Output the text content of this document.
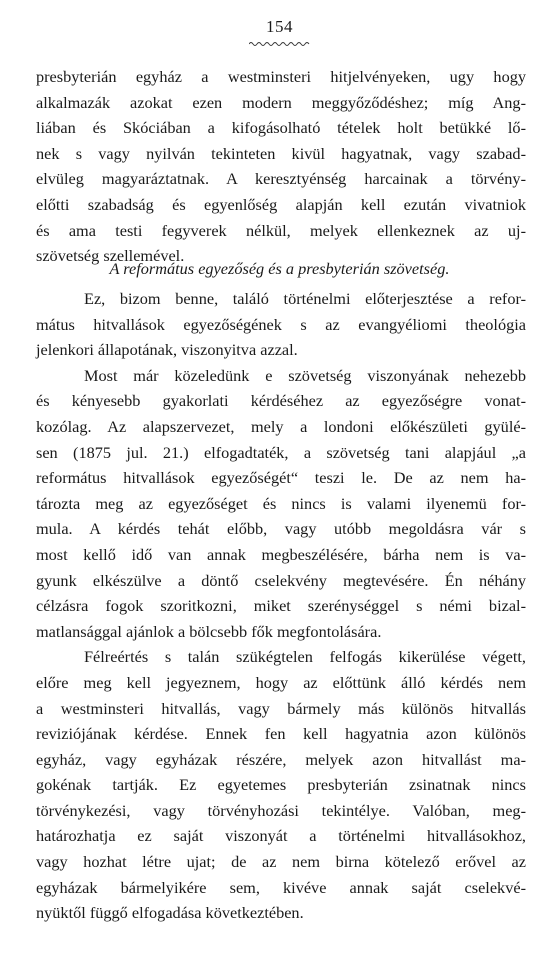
154
presbyterián egyház a westminsteri hitjelvényeken, ugy hogy
alkalmazák azokat ezen modern meggyőződéshez; míg Ang-
liában és Skóciában a kifogásolható tételek holt betükké lő-
nek s vagy nyilván tekinteten kivül hagyatnak, vagy szabad-
elvüleg magyaráztatnak. A keresztyénség harcainak a törvény-
előtti szabadság és egyenlőség alapján kell ezután vivatniok
és ama testi fegyverek nélkül, melyek ellenkeznek az uj-
szövetség szellemével.
A református egyezőség és a presbyterián szövetség.
Ez, bizom benne, találó történelmi előterjesztése a refor-
mátus hitvallások egyezőségének s az evangyéliomi theológia
jelenkori állapotának, viszonyitva azzal.
Most már közeledünk e szövetség viszonyának nehezebb
és kényesebb gyakorlati kérdéséhez az egyezőségre vonat-
kozólag. Az alapszervezet, mely a londoni előkészületi gyülé-
sen (1875 jul. 21.) elfogadtaték, a szövetség tani alapjául „a
református hitvallások egyezőségét“ teszi le. De az nem ha-
tározta meg az egyezőséget és nincs is valami ilyenemü for-
mula. A kérdés tehát előbb, vagy utóbb megoldásra vár s
most kellő idő van annak megbeszélésére, bárha nem is va-
gyunk elkészülve a döntő cselekvény megtevésére. Én néhány
célzásra fogok szoritkozni, miket szerénységgel s némi bizal-
matlansággal ajánlok a bölcsebb fők megfontolására.
Félreértés s talán szükégtelen felfogás kikerülése végett,
előre meg kell jegyeznem, hogy az előttünk álló kérdés nem
a westminsteri hitvallás, vagy bármely más különös hitvallás
reviziójának kérdése. Ennek fen kell hagyatnia azon különös
egyház, vagy egyházak részére, melyek azon hitvallást ma-
gokénak tartják. Ez egyetemes presbyterián zsinatnak nincs
törvénykezési, vagy törvényhozási tekintélye. Valóban, meg-
határozhatja ez saját viszonyát a történelmi hitvallásokhoz,
vagy hozhat létre ujat; de az nem birna kötelező erővel az
egyházak bármelyikére sem, kivéve annak saját cselekvé-
nyüktől függő elfogadása következtében.
